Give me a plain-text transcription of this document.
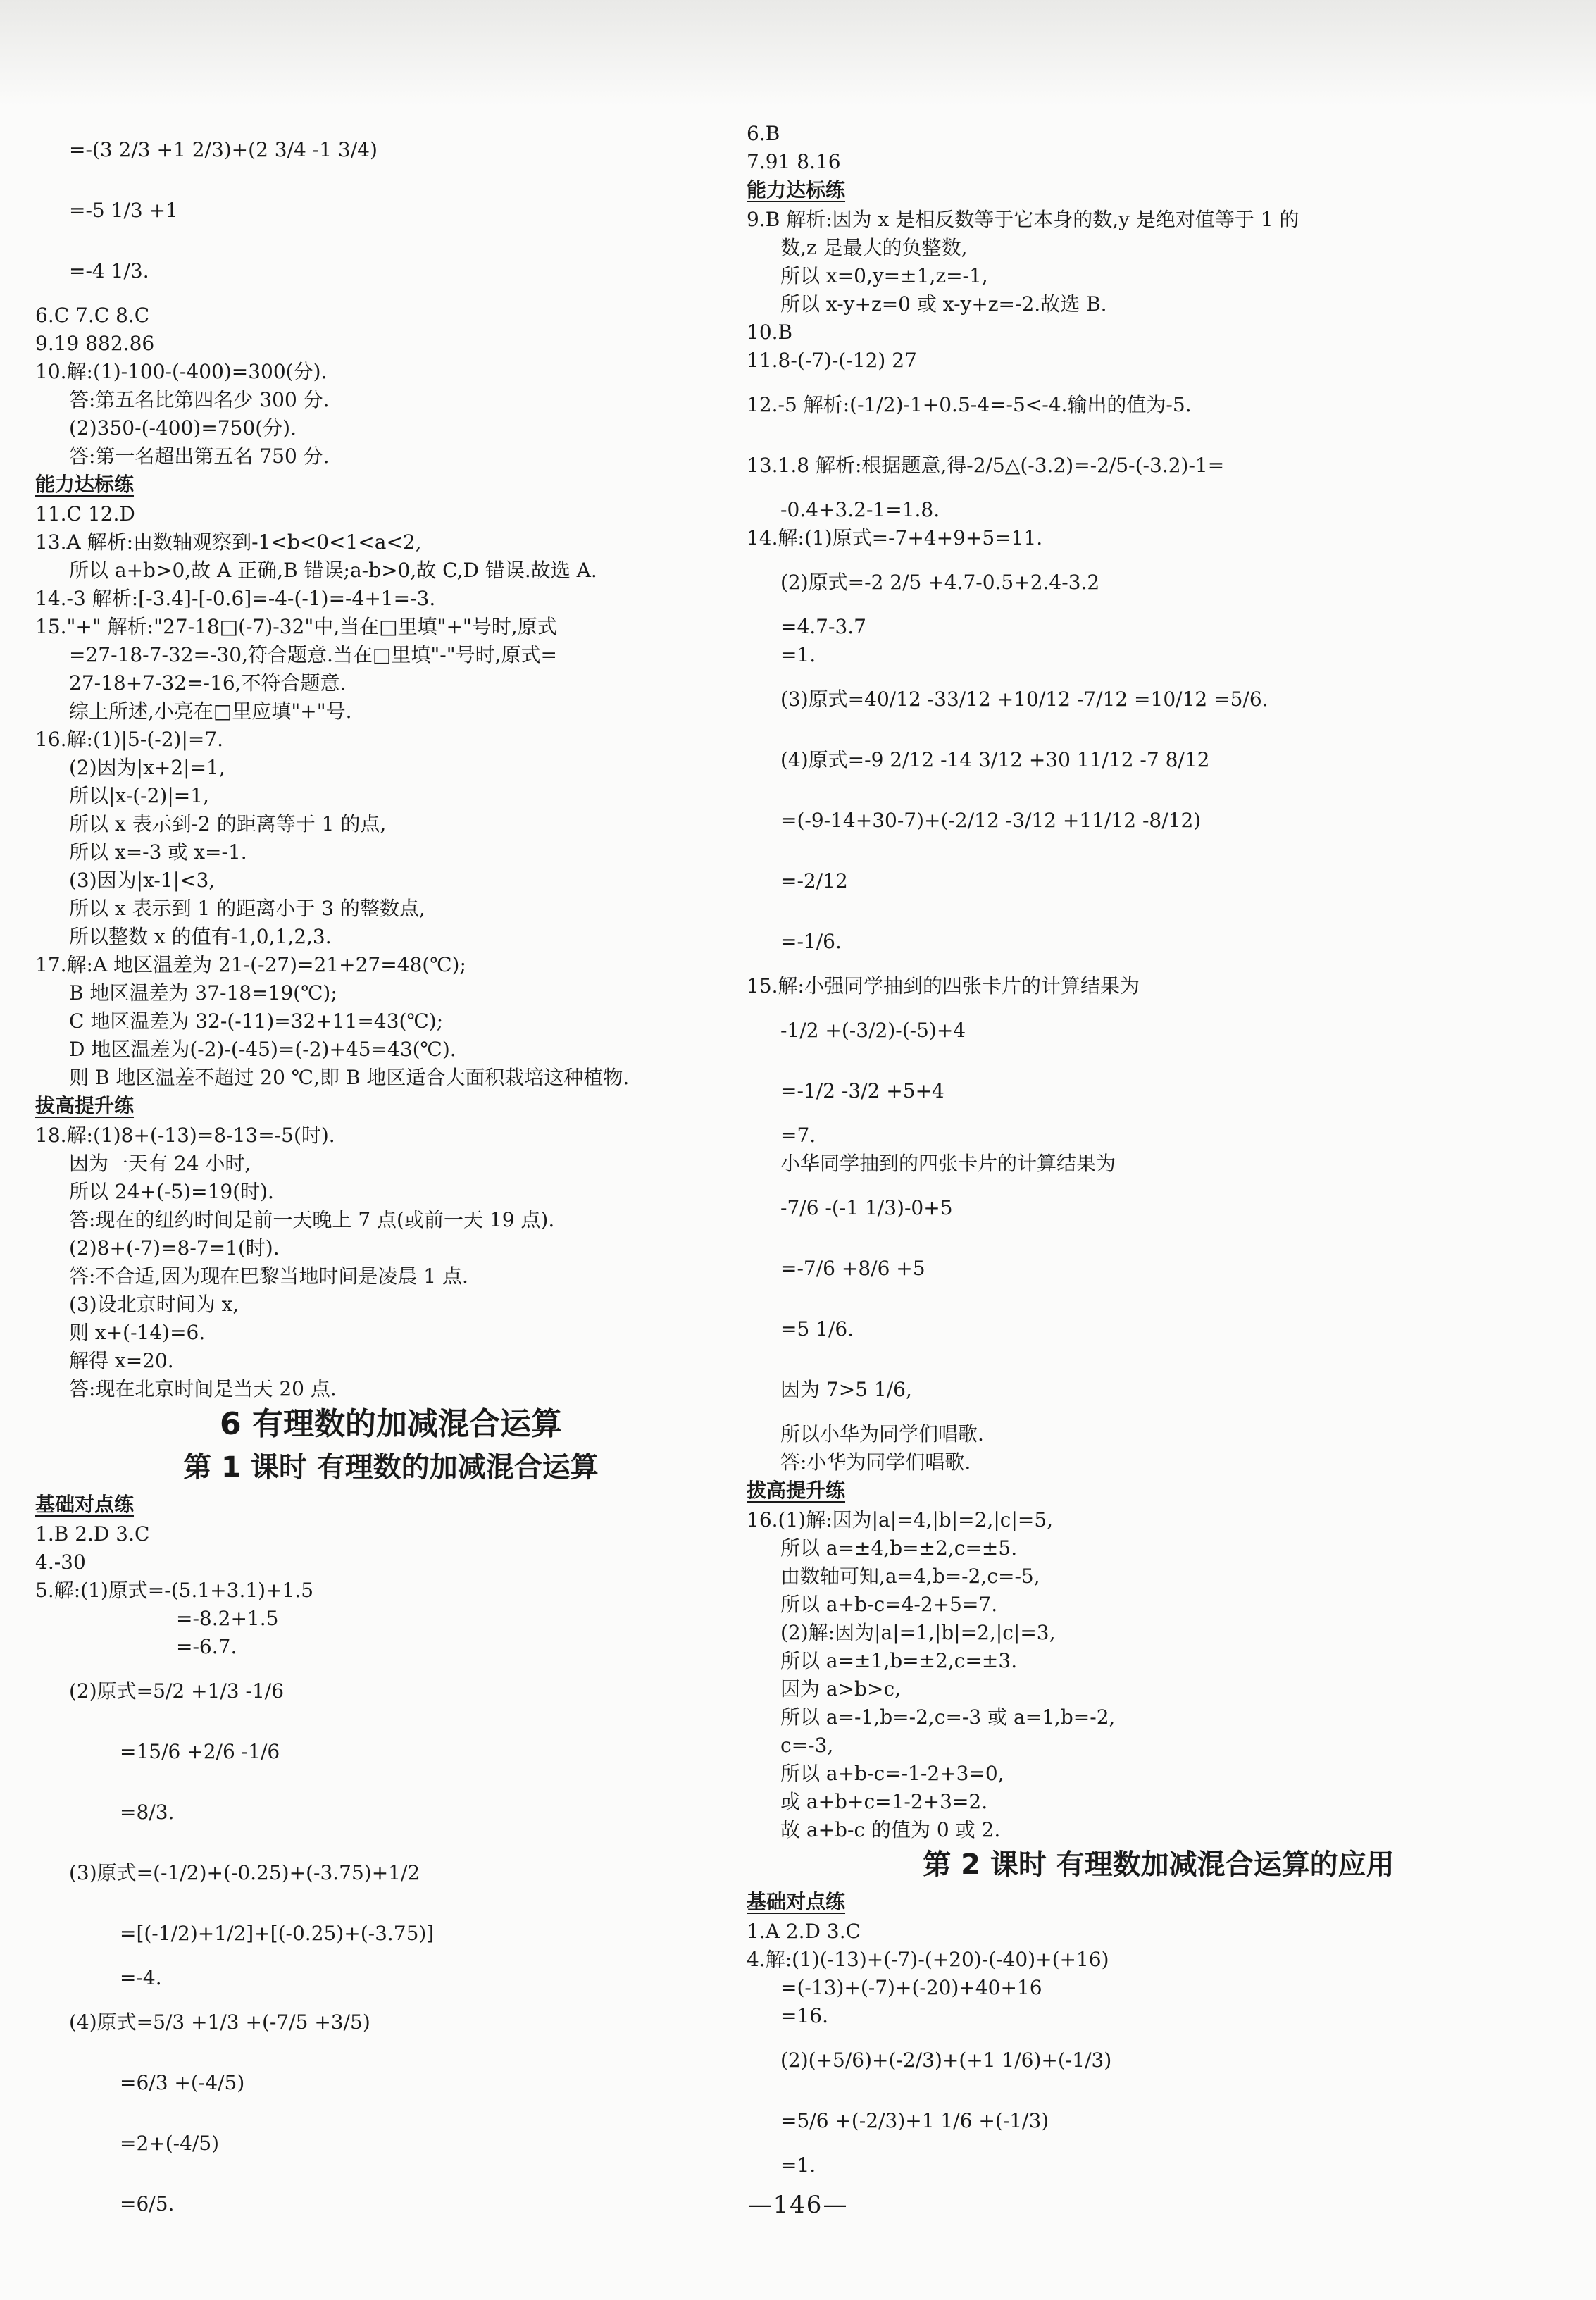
=-(3 2/3 +1 2/3)+(2 3/4 -1 3/4)
=-5 1/3 +1
=-4 1/3.
6.C 7.C 8.C
9.19 882.86
10.解:(1)-100-(-400)=300(分).
答:第五名比第四名少 300 分.
(2)350-(-400)=750(分).
答:第一名超出第五名 750 分.
能力达标练
11.C 12.D
13.A 解析:由数轴观察到-1<b<0<1<a<2,
所以 a+b>0,故 A 正确,B 错误;a-b>0,故 C,D 错误.故选 A.
14.-3 解析:[-3.4]-[-0.6]=-4-(-1)=-4+1=-3.
15."+" 解析:"27-18□(-7)-32"中,当在□里填"+"号时,原式
=27-18-7-32=-30,符合题意.当在□里填"-"号时,原式=
27-18+7-32=-16,不符合题意.
综上所述,小亮在□里应填"+"号.
16.解:(1)|5-(-2)|=7.
(2)因为|x+2|=1,
所以|x-(-2)|=1,
所以 x 表示到-2 的距离等于 1 的点,
所以 x=-3 或 x=-1.
(3)因为|x-1|<3,
所以 x 表示到 1 的距离小于 3 的整数点,
所以整数 x 的值有-1,0,1,2,3.
17.解:A 地区温差为 21-(-27)=21+27=48(℃);
B 地区温差为 37-18=19(℃);
C 地区温差为 32-(-11)=32+11=43(℃);
D 地区温差为(-2)-(-45)=(-2)+45=43(℃).
则 B 地区温差不超过 20 ℃,即 B 地区适合大面积栽培这种植物.
拔高提升练
18.解:(1)8+(-13)=8-13=-5(时).
因为一天有 24 小时,
所以 24+(-5)=19(时).
答:现在的纽约时间是前一天晚上 7 点(或前一天 19 点).
(2)8+(-7)=8-7=1(时).
答:不合适,因为现在巴黎当地时间是凌晨 1 点.
(3)设北京时间为 x,
则 x+(-14)=6.
解得 x=20.
答:现在北京时间是当天 20 点.
6 有理数的加减混合运算
第 1 课时 有理数的加减混合运算
基础对点练
1.B 2.D 3.C
4.-30
5.解:(1)原式=-(5.1+3.1)+1.5
=-8.2+1.5
=-6.7.
(2)原式=5/2 +1/3 -1/6
=15/6 +2/6 -1/6
=8/3.
(3)原式=(-1/2)+(-0.25)+(-3.75)+1/2
=[(-1/2)+1/2]+[(-0.25)+(-3.75)]
=-4.
(4)原式=5/3 +1/3 +(-7/5 +3/5)
=6/3 +(-4/5)
=2+(-4/5)
=6/5.
6.B
7.91 8.16
能力达标练
9.B 解析:因为 x 是相反数等于它本身的数,y 是绝对值等于 1 的
数,z 是最大的负整数,
所以 x=0,y=±1,z=-1,
所以 x-y+z=0 或 x-y+z=-2.故选 B.
10.B
11.8-(-7)-(-12) 27
12.-5 解析:(-1/2)-1+0.5-4=-5<-4.输出的值为-5.
13.1.8 解析:根据题意,得-2/5△(-3.2)=-2/5-(-3.2)-1=
-0.4+3.2-1=1.8.
14.解:(1)原式=-7+4+9+5=11.
(2)原式=-2 2/5 +4.7-0.5+2.4-3.2
=4.7-3.7
=1.
(3)原式=40/12 -33/12 +10/12 -7/12 =10/12 =5/6.
(4)原式=-9 2/12 -14 3/12 +30 11/12 -7 8/12
=(-9-14+30-7)+(-2/12 -3/12 +11/12 -8/12)
=-2/12
=-1/6.
15.解:小强同学抽到的四张卡片的计算结果为
-1/2 +(-3/2)-(-5)+4
=-1/2 -3/2 +5+4
=7.
小华同学抽到的四张卡片的计算结果为
-7/6 -(-1 1/3)-0+5
=-7/6 +8/6 +5
=5 1/6.
因为 7>5 1/6,
所以小华为同学们唱歌.
答:小华为同学们唱歌.
拔高提升练
16.(1)解:因为|a|=4,|b|=2,|c|=5,
所以 a=±4,b=±2,c=±5.
由数轴可知,a=4,b=-2,c=-5,
所以 a+b-c=4-2+5=7.
(2)解:因为|a|=1,|b|=2,|c|=3,
所以 a=±1,b=±2,c=±3.
因为 a>b>c,
所以 a=-1,b=-2,c=-3 或 a=1,b=-2,
c=-3,
所以 a+b-c=-1-2+3=0,
或 a+b+c=1-2+3=2.
故 a+b-c 的值为 0 或 2.
第 2 课时 有理数加减混合运算的应用
基础对点练
1.A 2.D 3.C
4.解:(1)(-13)+(-7)-(+20)-(-40)+(+16)
=(-13)+(-7)+(-20)+40+16
=16.
(2)(+5/6)+(-2/3)+(+1 1/6)+(-1/3)
=5/6 +(-2/3)+1 1/6 +(-1/3)
=1.
—146—
